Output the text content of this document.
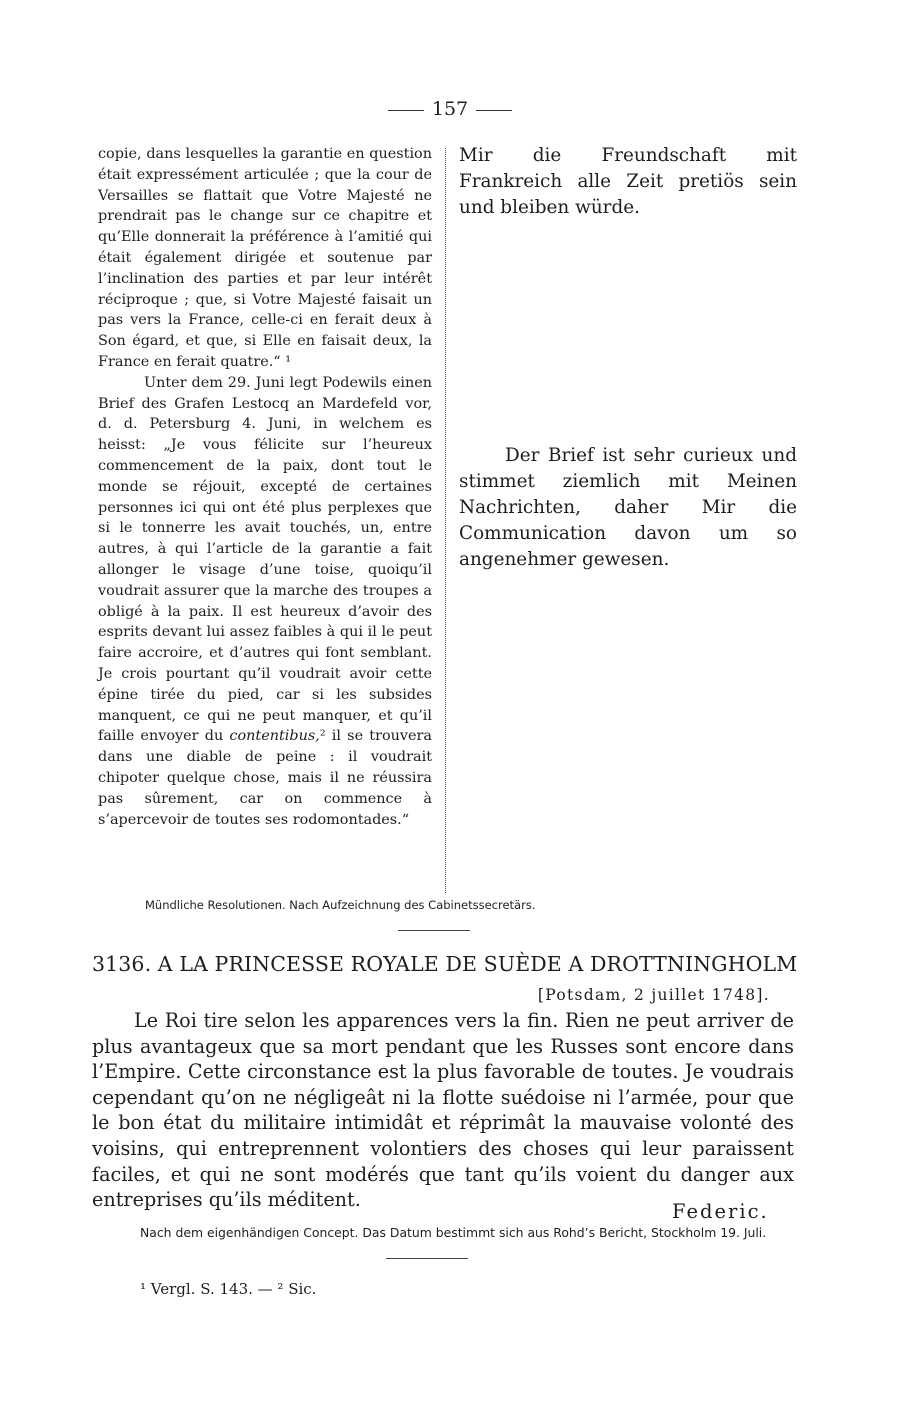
157

copie, dans lesquelles la garantie en question était expressément articulée ; que la cour de Versailles se flattait que Votre Majesté ne prendrait pas le change sur ce chapitre et qu’Elle donnerait la préférence à l’amitié qui était également dirigée et soutenue par l’inclination des parties et par leur intérêt réciproque ; que, si Votre Majesté faisait un pas vers la France, celle-ci en ferait deux à Son égard, et que, si Elle en faisait deux, la France en ferait quatre.“ ¹

Unter dem 29. Juni legt Podewils einen Brief des Grafen Lestocq an Mardefeld vor, d. d. Petersburg 4. Juni, in welchem es heisst: „Je vous félicite sur l’heureux commencement de la paix, dont tout le monde se réjouit, excepté de certaines personnes ici qui ont été plus perplexes que si le tonnerre les avait touchés, un, entre autres, à qui l’article de la garantie a fait allonger le visage d’une toise, quoiqu’il voudrait assurer que la marche des troupes a obligé à la paix. Il est heureux d’avoir des esprits devant lui assez faibles à qui il le peut faire accroire, et d’autres qui font semblant. Je crois pourtant qu’il voudrait avoir cette épine tirée du pied, car si les subsides manquent, ce qui ne peut manquer, et qu’il faille envoyer du contentibus,² il se trouvera dans une diable de peine : il voudrait chipoter quelque chose, mais il ne réussira pas sûrement, car on commence à s’apercevoir de toutes ses rodomontades.“

Mir die Freundschaft mit Frankreich alle Zeit pretiös sein und bleiben würde.

Der Brief ist sehr curieux und stimmet ziemlich mit Meinen Nachrichten, daher Mir die Communication davon um so angenehmer gewesen.

Mündliche Resolutionen. Nach Aufzeichnung des Cabinetssecretärs.
3136. A LA PRINCESSE ROYALE DE SUÈDE A DROTTNINGHOLM
[Potsdam, 2 juillet 1748].

Le Roi tire selon les apparences vers la fin. Rien ne peut arriver de plus avantageux que sa mort pendant que les Russes sont encore dans l’Empire. Cette circonstance est la plus favorable de toutes. Je voudrais cependant qu’on ne négligeât ni la flotte suédoise ni l’armée, pour que le bon état du militaire intimidât et réprimât la mauvaise volonté des voisins, qui entreprennent volontiers des choses qui leur paraissent faciles, et qui ne sont modérés que tant qu’ils voient du danger aux entreprises qu’ils méditent.

Federic.
Nach dem eigenhändigen Concept. Das Datum bestimmt sich aus Rohd’s Bericht, Stockholm 19. Juli.
¹ Vergl. S. 143. — ² Sic.
